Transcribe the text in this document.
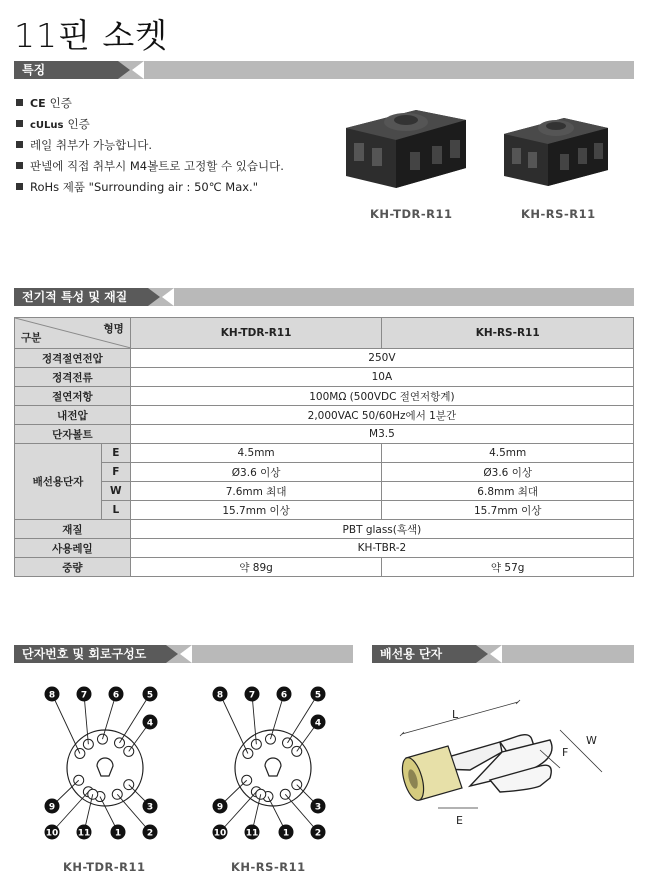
11핀 소켓
특징
CE 인증
cULus 인증
레일 취부가 가능합니다.
판넬에 직접 취부시 M4볼트로 고정할 수 있습니다.
RoHs 제품 "Surrounding air : 50℃ Max."
KH-TDR-R11	KH-RS-R11
전기적 특성 및 재질
형명
구분		KH-TDR-R11	KH-RS-R11
정격절연전압		250V	
정격전류		10A	
절연저항		100MΩ (500VDC 절연저항계)	
내전압		2,000VAC 50/60Hz에서 1분간	
단자볼트		M3.5	
배선용단자	E	4.5mm	4.5mm
	F	Ø3.6 이상	Ø3.6 이상
	W	7.6mm 최대	6.8mm 최대
	L	15.7mm 이상	15.7mm 이상
재질		PBT glass(흑색)	
사용레일		KH-TBR-2	
중량		약 89g	약 57g
단자번호 및 회로구성도	배선용 단자
1	2
3
4
5
6
7
8
9
10 11	1	2
3
4
5
6
7
8
9
10 11
KH-TDR-R11	KH-RS-R11
L
W
F
E
